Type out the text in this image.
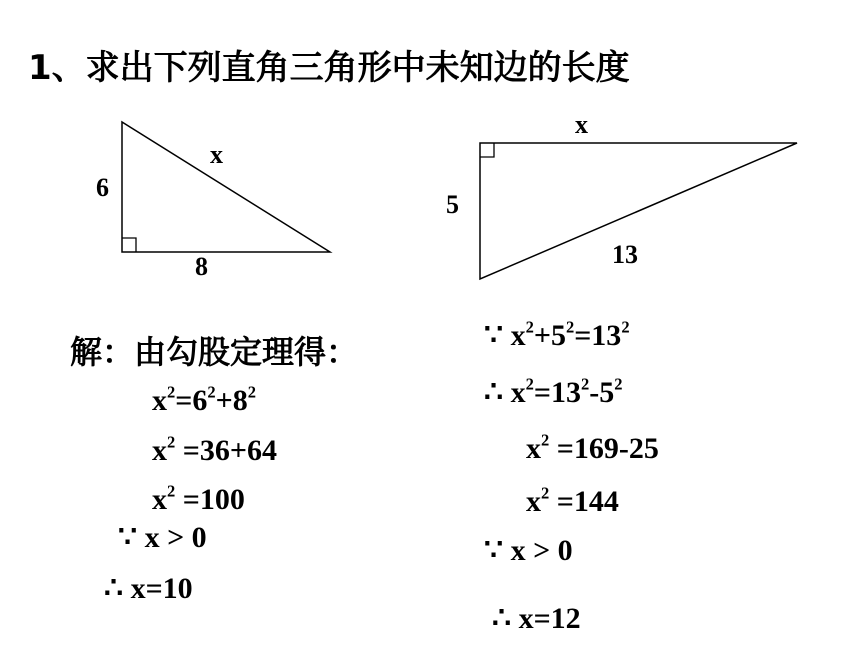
1、求出下列直角三角形中未知边的长度
6
8
x
x
5
13
解：由勾股定理得：
$x^2=6^2+8^2$
$x^2 =36+64$
$x^2 =100$
∵ x > 0
∴ x=10
∵ $x^2+5^2=13^2$
∴ $x^2=13^2-5^2$
$x^2 =169-25$
$x^2 =144$
∵ x > 0
∴ x=12
